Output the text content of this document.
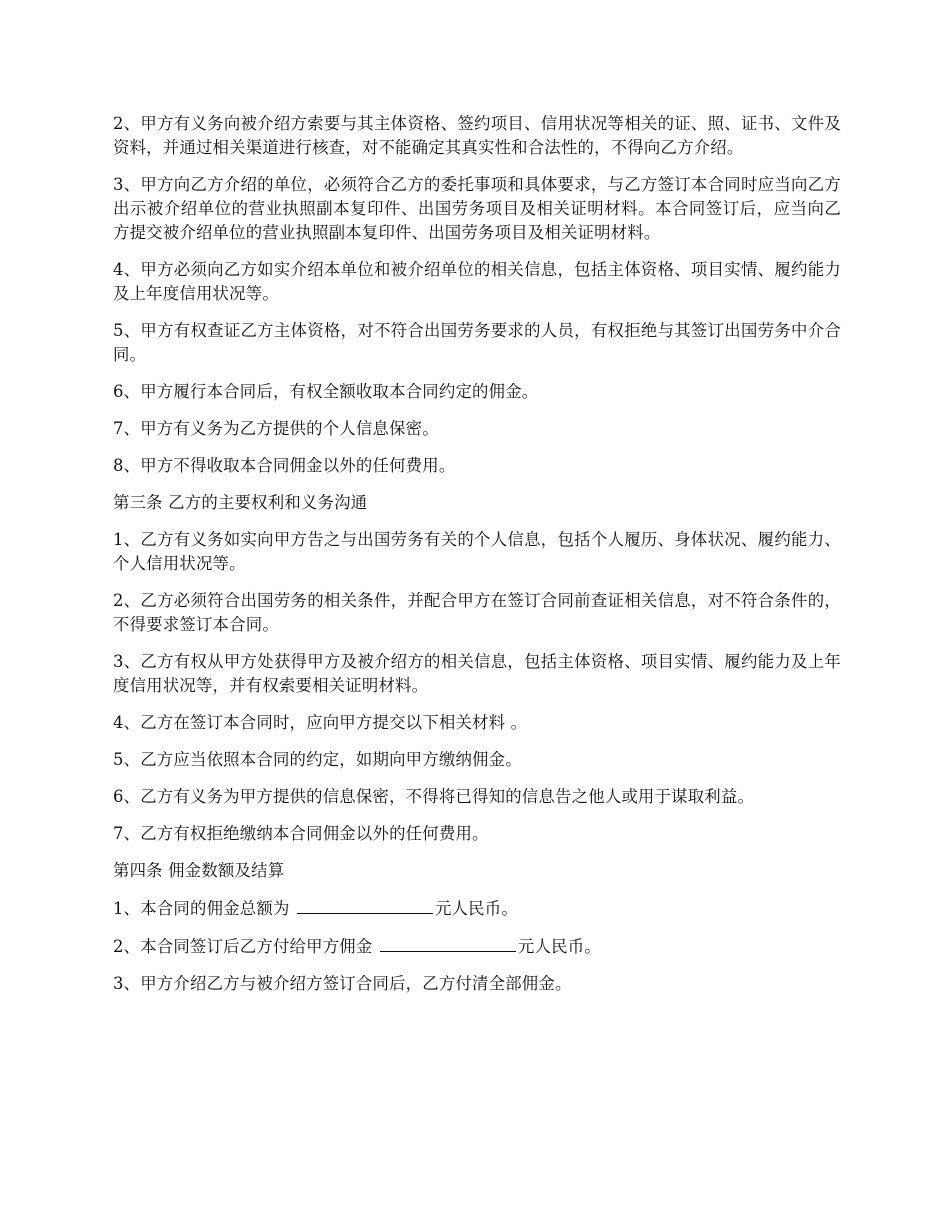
2、甲方有义务向被介绍方索要与其主体资格、签约项目、信用状况等相关的证、照、证书、文件及资料，并通过相关渠道进行核查，对不能确定其真实性和合法性的，不得向乙方介绍。

3、甲方向乙方介绍的单位，必须符合乙方的委托事项和具体要求，与乙方签订本合同时应当向乙方出示被介绍单位的营业执照副本复印件、出国劳务项目及相关证明材料。本合同签订后，应当向乙方提交被介绍单位的营业执照副本复印件、出国劳务项目及相关证明材料。

4、甲方必须向乙方如实介绍本单位和被介绍单位的相关信息，包括主体资格、项目实情、履约能力及上年度信用状况等。

5、甲方有权查证乙方主体资格，对不符合出国劳务要求的人员，有权拒绝与其签订出国劳务中介合同。

6、甲方履行本合同后，有权全额收取本合同约定的佣金。

7、甲方有义务为乙方提供的个人信息保密。

8、甲方不得收取本合同佣金以外的任何费用。

第三条 乙方的主要权利和义务沟通

1、乙方有义务如实向甲方告之与出国劳务有关的个人信息，包括个人履历、身体状况、履约能力、个人信用状况等。

2、乙方必须符合出国劳务的相关条件，并配合甲方在签订合同前查证相关信息，对不符合条件的，不得要求签订本合同。

3、乙方有权从甲方处获得甲方及被介绍方的相关信息，包括主体资格、项目实情、履约能力及上年度信用状况等，并有权索要相关证明材料。

4、乙方在签订本合同时，应向甲方提交以下相关材料 。

5、乙方应当依照本合同的约定，如期向甲方缴纳佣金。

6、乙方有义务为甲方提供的信息保密，不得将已得知的信息告之他人或用于谋取利益。

7、乙方有权拒绝缴纳本合同佣金以外的任何费用。

第四条 佣金数额及结算

1、本合同的佣金总额为	元人民币。

2、本合同签订后乙方付给甲方佣金	元人民币。

3、甲方介绍乙方与被介绍方签订合同后，乙方付清全部佣金。
